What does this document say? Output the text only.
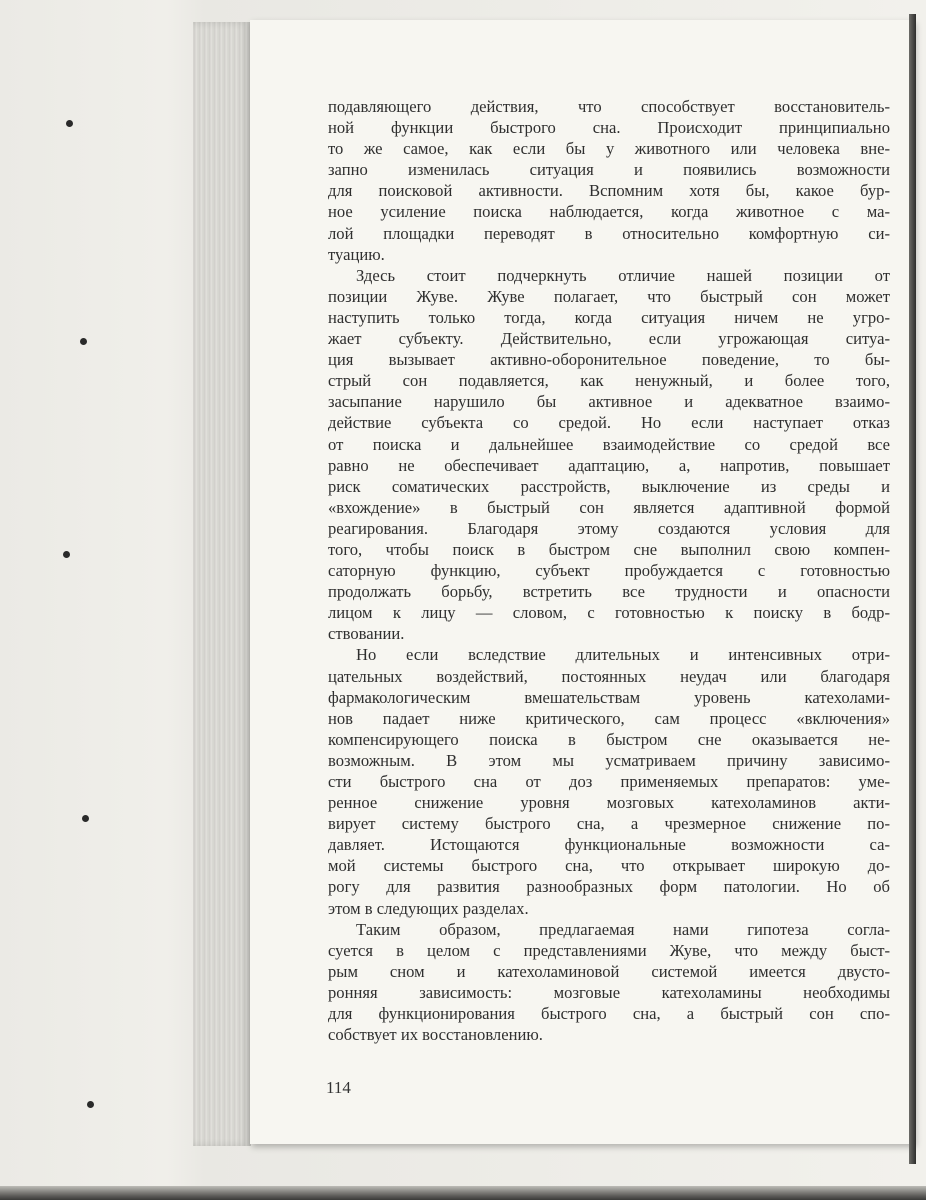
подавляющего действия, что способствует восстановитель-
ной функции быстрого сна. Происходит принципиально
то же самое, как если бы у животного или человека вне-
запно изменилась ситуация и появились возможности
для поисковой активности. Вспомним хотя бы, какое бур-
ное усиление поиска наблюдается, когда животное с ма-
лой площадки переводят в относительно комфортную си-
туацию.

Здесь стоит подчеркнуть отличие нашей позиции от
позиции Жуве. Жуве полагает, что быстрый сон может
наступить только тогда, когда ситуация ничем не угро-
жает субъекту. Действительно, если угрожающая ситуа-
ция вызывает активно-оборонительное поведение, то бы-
стрый сон подавляется, как ненужный, и более того,
засыпание нарушило бы активное и адекватное взаимо-
действие субъекта со средой. Но если наступает отказ
от поиска и дальнейшее взаимодействие со средой все
равно не обеспечивает адаптацию, а, напротив, повышает
риск соматических расстройств, выключение из среды и
«вхождение» в быстрый сон является адаптивной формой
реагирования. Благодаря этому создаются условия для
того, чтобы поиск в быстром сне выполнил свою компен-
саторную функцию, субъект пробуждается с готовностью
продолжать борьбу, встретить все трудности и опасности
лицом к лицу — словом, с готовностью к поиску в бодр-
ствовании.

Но если вследствие длительных и интенсивных отри-
цательных воздействий, постоянных неудач или благодаря
фармакологическим вмешательствам уровень катехолами-
нов падает ниже критического, сам процесс «включения»
компенсирующего поиска в быстром сне оказывается не-
возможным. В этом мы усматриваем причину зависимо-
сти быстрого сна от доз применяемых препаратов: уме-
ренное снижение уровня мозговых катехоламинов акти-
вирует систему быстрого сна, а чрезмерное снижение по-
давляет. Истощаются функциональные возможности са-
мой системы быстрого сна, что открывает широкую до-
рогу для развития разнообразных форм патологии. Но об
этом в следующих разделах.

Таким образом, предлагаемая нами гипотеза согла-
суется в целом с представлениями Жуве, что между быст-
рым сном и катехоламиновой системой имеется двусто-
ронняя зависимость: мозговые катехоламины необходимы
для функционирования быстрого сна, а быстрый сон спо-
собствует их восстановлению.

114
